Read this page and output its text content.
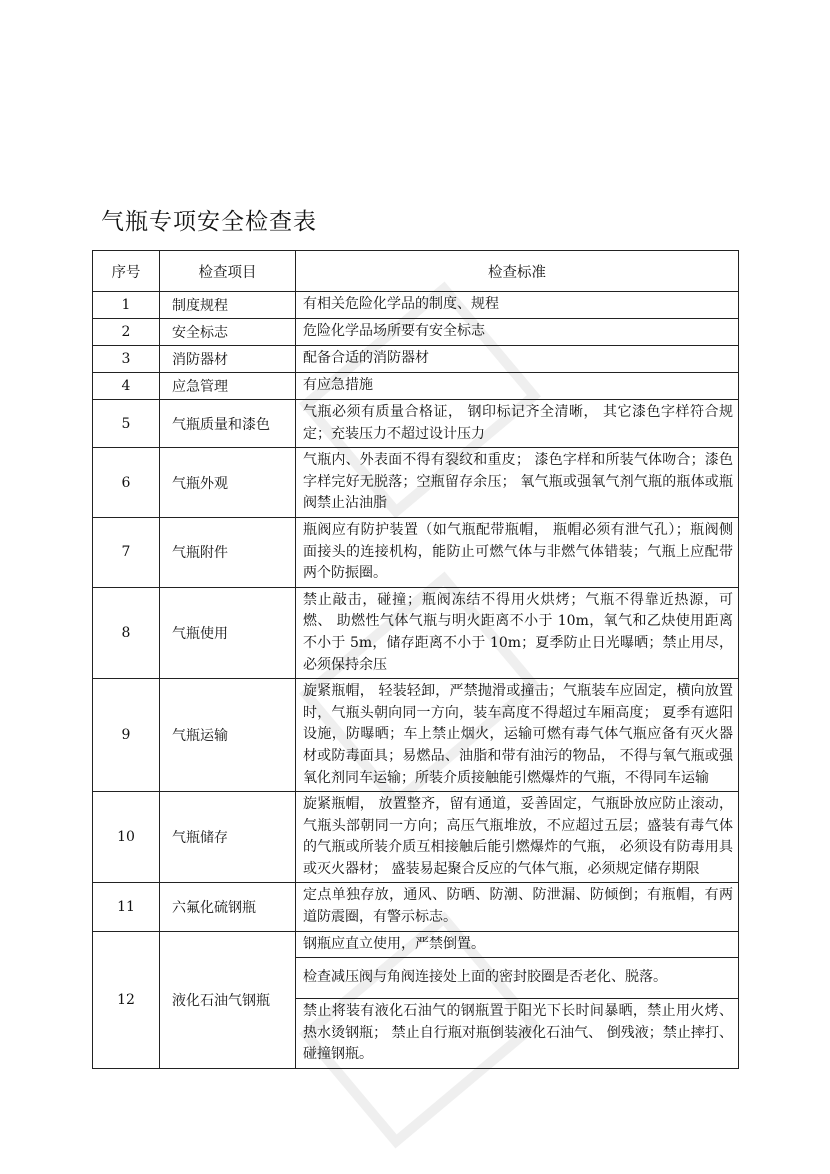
气瓶专项安全检查表
序号	检查项目	检查标准
1	制度规程	有相关危险化学品的制度、规程
2	安全标志	危险化学品场所要有安全标志
3	消防器材	配备合适的消防器材
4	应急管理	有应急措施
5	气瓶质量和漆色	气瓶必须有质量合格证， 钢印标记齐全清晰， 其它漆色字样符合规定；充装压力不超过设计压力
6	气瓶外观	气瓶内、外表面不得有裂纹和重皮； 漆色字样和所装气体吻合；漆色字样完好无脱落；空瓶留存余压； 氧气瓶或强氧气剂气瓶的瓶体或瓶阀禁止沾油脂
7	气瓶附件	瓶阀应有防护装置（如气瓶配带瓶帽， 瓶帽必须有泄气孔）；瓶阀侧面接头的连接机构，能防止可燃气体与非燃气体错装；气瓶上应配带两个防振圈。
8	气瓶使用	禁止敲击，碰撞；瓶阀冻结不得用火烘烤；气瓶不得靠近热源，可燃、 助燃性气体气瓶与明火距离不小于 10m，氧气和乙炔使用距离不小于 5m，储存距离不小于 10m；夏季防止日光曝晒；禁止用尽，必须保持余压
9	气瓶运输	旋紧瓶帽， 轻装轻卸，严禁抛滑或撞击；气瓶装车应固定，横向放置时，气瓶头朝向同一方向，装车高度不得超过车厢高度； 夏季有遮阳设施，防曝晒；车上禁止烟火，运输可燃有毒气体气瓶应备有灭火器材或防毒面具；易燃品、油脂和带有油污的物品， 不得与氧气瓶或强氧化剂同车运输；所装介质接触能引燃爆炸的气瓶，不得同车运输
10	气瓶储存	旋紧瓶帽， 放置整齐，留有通道，妥善固定，气瓶卧放应防止滚动，气瓶头部朝同一方向；高压气瓶堆放，不应超过五层；盛装有毒气体的气瓶或所装介质互相接触后能引燃爆炸的气瓶， 必须设有防毒用具或灭火器材； 盛装易起聚合反应的气体气瓶，必须规定储存期限
11	六氟化硫钢瓶	定点单独存放，通风、防晒、防潮、防泄漏、防倾倒；有瓶帽，有两道防震圈，有警示标志。
12	液化石油气钢瓶	钢瓶应直立使用，严禁倒置。
		检查减压阀与角阀连接处上面的密封胶圈是否老化、脱落。
		禁止将装有液化石油气的钢瓶置于阳光下长时间暴晒，禁止用火烤、热水烫钢瓶； 禁止自行瓶对瓶倒装液化石油气、 倒残液；禁止摔打、碰撞钢瓶。
